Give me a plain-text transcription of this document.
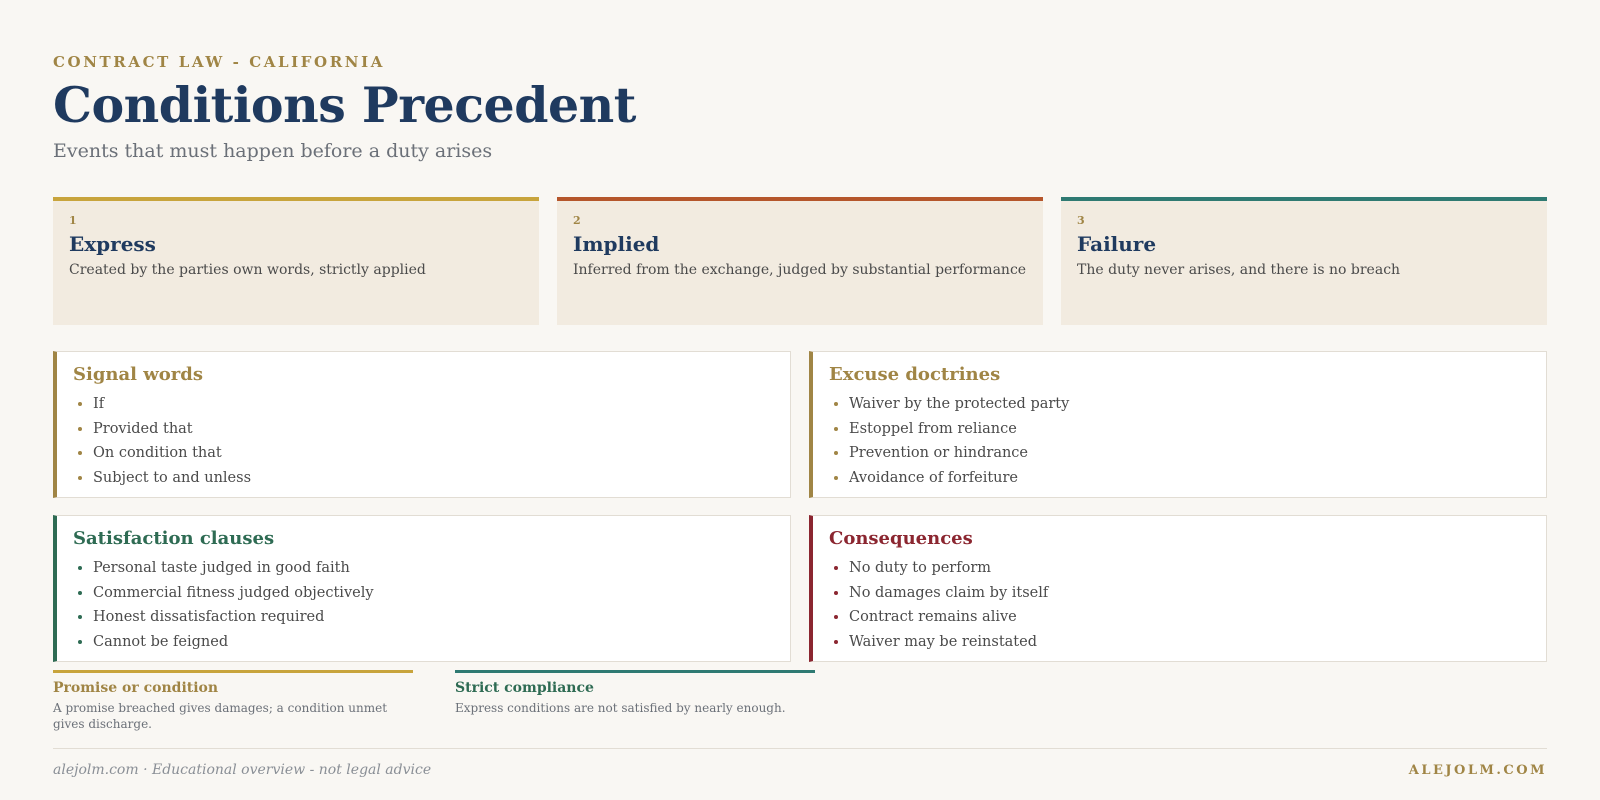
CONTRACT LAW - CALIFORNIA
Conditions Precedent
Events that must happen before a duty arises
1
Express
Created by the parties own words, strictly applied
2
Implied
Inferred from the exchange, judged by substantial performance
3
Failure
The duty never arises, and there is no breach
Signal words
• If
• Provided that
• On condition that
• Subject to and unless
Excuse doctrines
• Waiver by the protected party
• Estoppel from reliance
• Prevention or hindrance
• Avoidance of forfeiture
Satisfaction clauses
• Personal taste judged in good faith
• Commercial fitness judged objectively
• Honest dissatisfaction required
• Cannot be feigned
Consequences
• No duty to perform
• No damages claim by itself
• Contract remains alive
• Waiver may be reinstated
Promise or condition
A promise breached gives damages; a condition unmet gives discharge.
Strict compliance
Express conditions are not satisfied by nearly enough.
alejolm.com · Educational overview - not legal advice	ALEJOLM.COM
